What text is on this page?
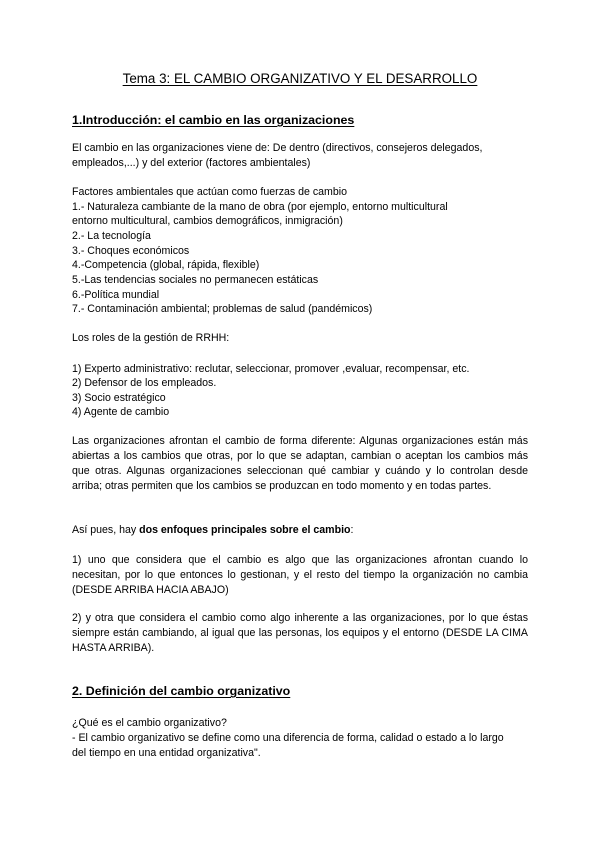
Tema 3: EL CAMBIO ORGANIZATIVO Y EL DESARROLLO
1.Introducción: el cambio en las organizaciones
El cambio en las organizaciones viene de: De dentro (directivos, consejeros delegados,
empleados,...) y del exterior (factores ambientales)
Factores ambientales que actúan como fuerzas de cambio
1.- Naturaleza cambiante de la mano de obra (por ejemplo, entorno multicultural
entorno multicultural, cambios demográficos, inmigración)
2.- La tecnología
3.- Choques económicos
4.-Competencia (global, rápida, flexible)
5.-Las tendencias sociales no permanecen estáticas
6.-Política mundial
7.- Contaminación ambiental; problemas de salud (pandémicos)
Los roles de la gestión de RRHH:
1) Experto administrativo: reclutar, seleccionar, promover ,evaluar, recompensar, etc.
2) Defensor de los empleados.
3) Socio estratégico
4) Agente de cambio
Las organizaciones afrontan el cambio de forma diferente: Algunas organizaciones están más abiertas a los cambios que otras, por lo que se adaptan, cambian o aceptan los cambios más que otras. Algunas organizaciones seleccionan qué cambiar y cuándo y lo controlan desde arriba; otras permiten que los cambios se produzcan en todo momento y en todas partes.
Así pues, hay dos enfoques principales sobre el cambio:
1) uno que considera que el cambio es algo que las organizaciones afrontan cuando lo necesitan, por lo que entonces lo gestionan, y el resto del tiempo la organización no cambia (DESDE ARRIBA HACIA ABAJO)
2) y otra que considera el cambio como algo inherente a las organizaciones, por lo que éstas siempre están cambiando, al igual que las personas, los equipos y el entorno (DESDE LA CIMA HASTA ARRIBA).
2. Definición del cambio organizativo
¿Qué es el cambio organizativo?
- El cambio organizativo se define como una diferencia de forma, calidad o estado a lo largo
del tiempo en una entidad organizativa".
